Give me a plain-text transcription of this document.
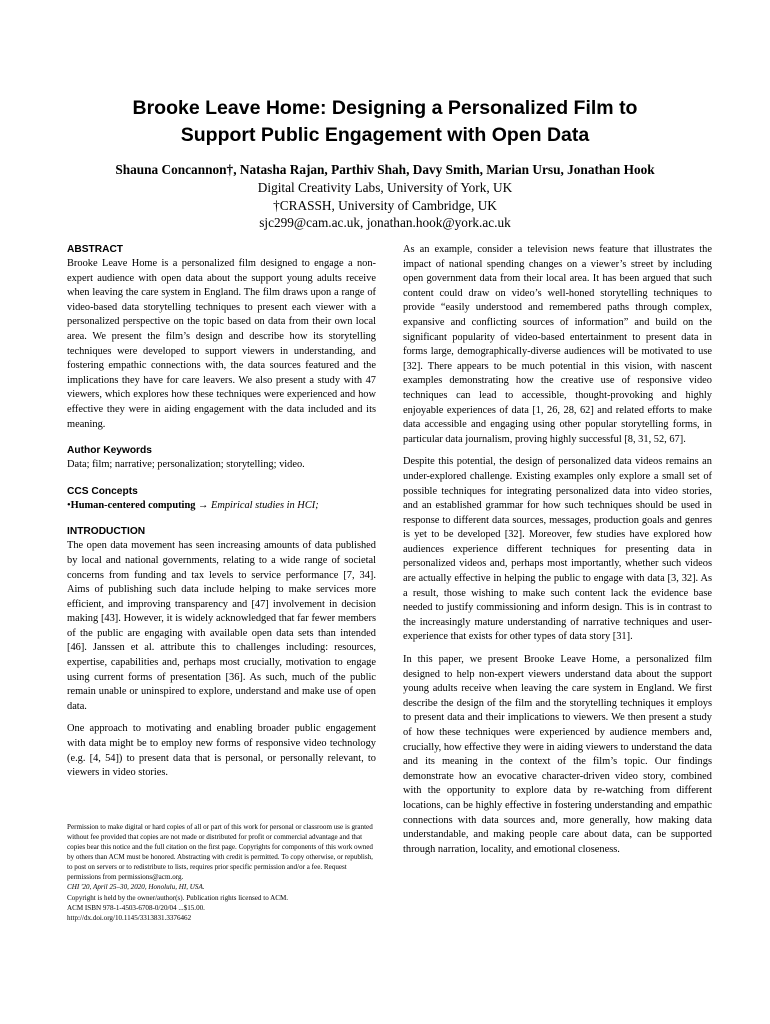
Brooke Leave Home: Designing a Personalized Film to
Support Public Engagement with Open Data
Shauna Concannon†, Natasha Rajan, Parthiv Shah, Davy Smith, Marian Ursu, Jonathan Hook
Digital Creativity Labs, University of York, UK
†CRASSH, University of Cambridge, UK
sjc299@cam.ac.uk, jonathan.hook@york.ac.uk
ABSTRACT

Brooke Leave Home is a personalized film designed to engage a non-expert audience with open data about the support young adults receive when leaving the care system in England. The film draws upon a range of video-based data storytelling techniques to present each viewer with a personalized perspective on the topic based on data from their own local area. We present the film’s design and describe how its storytelling techniques were developed to support viewers in understanding, and fostering empathic connections with, the data sources featured and the implications they have for care leavers. We also present a study with 47 viewers, which explores how these techniques were experienced and how effective they were in aiding engagement with the data included and its meaning.

Author Keywords

Data; film; narrative; personalization; storytelling; video.

CCS Concepts

•Human-centered computing → Empirical studies in HCI;

INTRODUCTION

The open data movement has seen increasing amounts of data published by local and national governments, relating to a wide range of societal concerns from funding and tax levels to service performance [7, 34]. Aims of publishing such data include helping to make services more efficient, and improving transparency and [47] involvement in decision making [43]. However, it is widely acknowledged that far fewer members of the public are engaging with available open data sets than intended [46]. Janssen et al. attribute this to challenges including: resources, expertise, capabilities and, perhaps most crucially, motivation to engage using current forms of presentation [36]. As such, much of the public remain unable or uninspired to explore, understand and make use of open data.

One approach to motivating and enabling broader public engagement with data might be to employ new forms of responsive video technology (e.g. [4, 54]) to present data that is personal, or personally relevant, to viewers in video stories.

Permission to make digital or hard copies of all or part of this work for personal or classroom use is granted without fee provided that copies are not made or distributed for profit or commercial advantage and that copies bear this notice and the full citation on the first page. Copyrights for components of this work owned by others than ACM must be honored. Abstracting with credit is permitted. To copy otherwise, or republish, to post on servers or to redistribute to lists, requires prior specific permission and/or a fee. Request permissions from permissions@acm.org.

CHI '20, April 25–30, 2020, Honolulu, HI, USA.

Copyright is held by the owner/author(s). Publication rights licensed to ACM.

ACM ISBN 978-1-4503-6708-0/20/04 ...$15.00.

http://dx.doi.org/10.1145/3313831.3376462

As an example, consider a television news feature that illustrates the impact of national spending changes on a viewer’s street by including open government data from their local area. It has been argued that such content could draw on video’s well-honed storytelling techniques to provide “easily understood and remembered paths through complex, expansive and conflicting sources of information” and build on the significant popularity of video-based entertainment to present data in forms large, demographically-diverse audiences will be motivated to use [32]. There appears to be much potential in this vision, with nascent examples demonstrating how the creative use of responsive video techniques can lead to accessible, thought-provoking and highly enjoyable experiences of data [1, 26, 28, 62] and related efforts to make data accessible and engaging using other popular storytelling forms, in particular data journalism, proving highly successful [8, 31, 52, 67].

Despite this potential, the design of personalized data videos remains an under-explored challenge. Existing examples only explore a small set of possible techniques for integrating personalized data into video stories, and an established grammar for how such techniques should be used in response to different data sources, messages, production goals and genres is yet to be developed [32]. Moreover, few studies have explored how audiences experience different techniques for presenting data in personalized videos and, perhaps most importantly, whether such videos are actually effective in helping the public to engage with data [3, 32]. As a result, those wishing to make such content lack the evidence base needed to justify commissioning and inform design. This is in contrast to the increasingly mature understanding of narrative techniques and user-experience that exists for other types of data story [31].

In this paper, we present Brooke Leave Home, a personalized film designed to help non-expert viewers understand data about the support young adults receive when leaving the care system in England. We first describe the design of the film and the storytelling techniques it employs to present data and their implications to viewers. We then present a study of how these techniques were experienced by audience members and, crucially, how effective they were in aiding viewers to understand the data and its meaning in the context of the film’s topic. Our findings demonstrate how an evocative character-driven video story, combined with the opportunity to explore data by re-watching from different locations, can be highly effective in fostering understanding and empathic connections with data sources and, more generally, how making data understandable, and making people care about data, can be supported through narration, locality, and emotional closeness.
